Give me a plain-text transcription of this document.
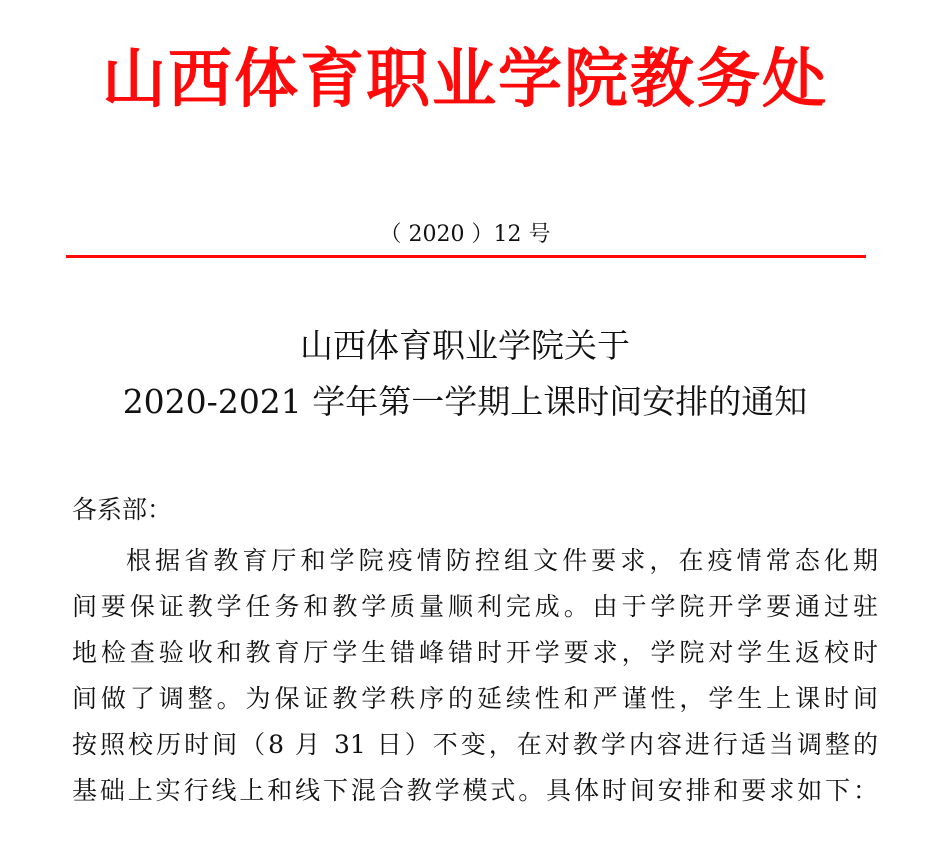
山西体育职业学院教务处
（ 2020 ）12 号
山西体育职业学院关于
2020-2021 学年第一学期上课时间安排的通知
各系部：
根据省教育厅和学院疫情防控组文件要求，在疫情常态化期
间要保证教学任务和教学质量顺利完成。由于学院开学要通过驻
地检查验收和教育厅学生错峰错时开学要求，学院对学生返校时
间做了调整。为保证教学秩序的延续性和严谨性，学生上课时间
按照校历时间（8 月 31 日）不变，在对教学内容进行适当调整的
基础上实行线上和线下混合教学模式。具体时间安排和要求如下：
